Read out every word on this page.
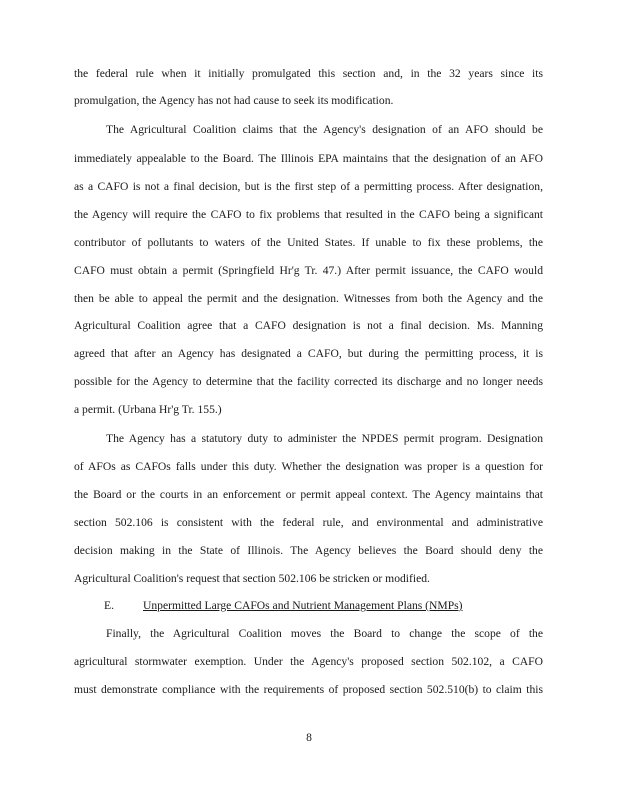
the federal rule when it initially promulgated this section and, in the 32 years since its
promulgation, the Agency has not had cause to seek its modification.
The Agricultural Coalition claims that the Agency's designation of an AFO should be
immediately appealable to the Board. The Illinois EPA maintains that the designation of an AFO
as a CAFO is not a final decision, but is the first step of a permitting process. After designation,
the Agency will require the CAFO to fix problems that resulted in the CAFO being a significant
contributor of pollutants to waters of the United States. If unable to fix these problems, the
CAFO must obtain a permit (Springfield Hr'g Tr. 47.) After permit issuance, the CAFO would
then be able to appeal the permit and the designation. Witnesses from both the Agency and the
Agricultural Coalition agree that a CAFO designation is not a final decision. Ms. Manning
agreed that after an Agency has designated a CAFO, but during the permitting process, it is
possible for the Agency to determine that the facility corrected its discharge and no longer needs
a permit. (Urbana Hr'g Tr. 155.)
The Agency has a statutory duty to administer the NPDES permit program. Designation
of AFOs as CAFOs falls under this duty. Whether the designation was proper is a question for
the Board or the courts in an enforcement or permit appeal context. The Agency maintains that
section 502.106 is consistent with the federal rule, and environmental and administrative
decision making in the State of Illinois. The Agency believes the Board should deny the
Agricultural Coalition's request that section 502.106 be stricken or modified.
E.	Unpermitted Large CAFOs and Nutrient Management Plans (NMPs)
Finally, the Agricultural Coalition moves the Board to change the scope of the
agricultural stormwater exemption. Under the Agency's proposed section 502.102, a CAFO
must demonstrate compliance with the requirements of proposed section 502.510(b) to claim this
8
